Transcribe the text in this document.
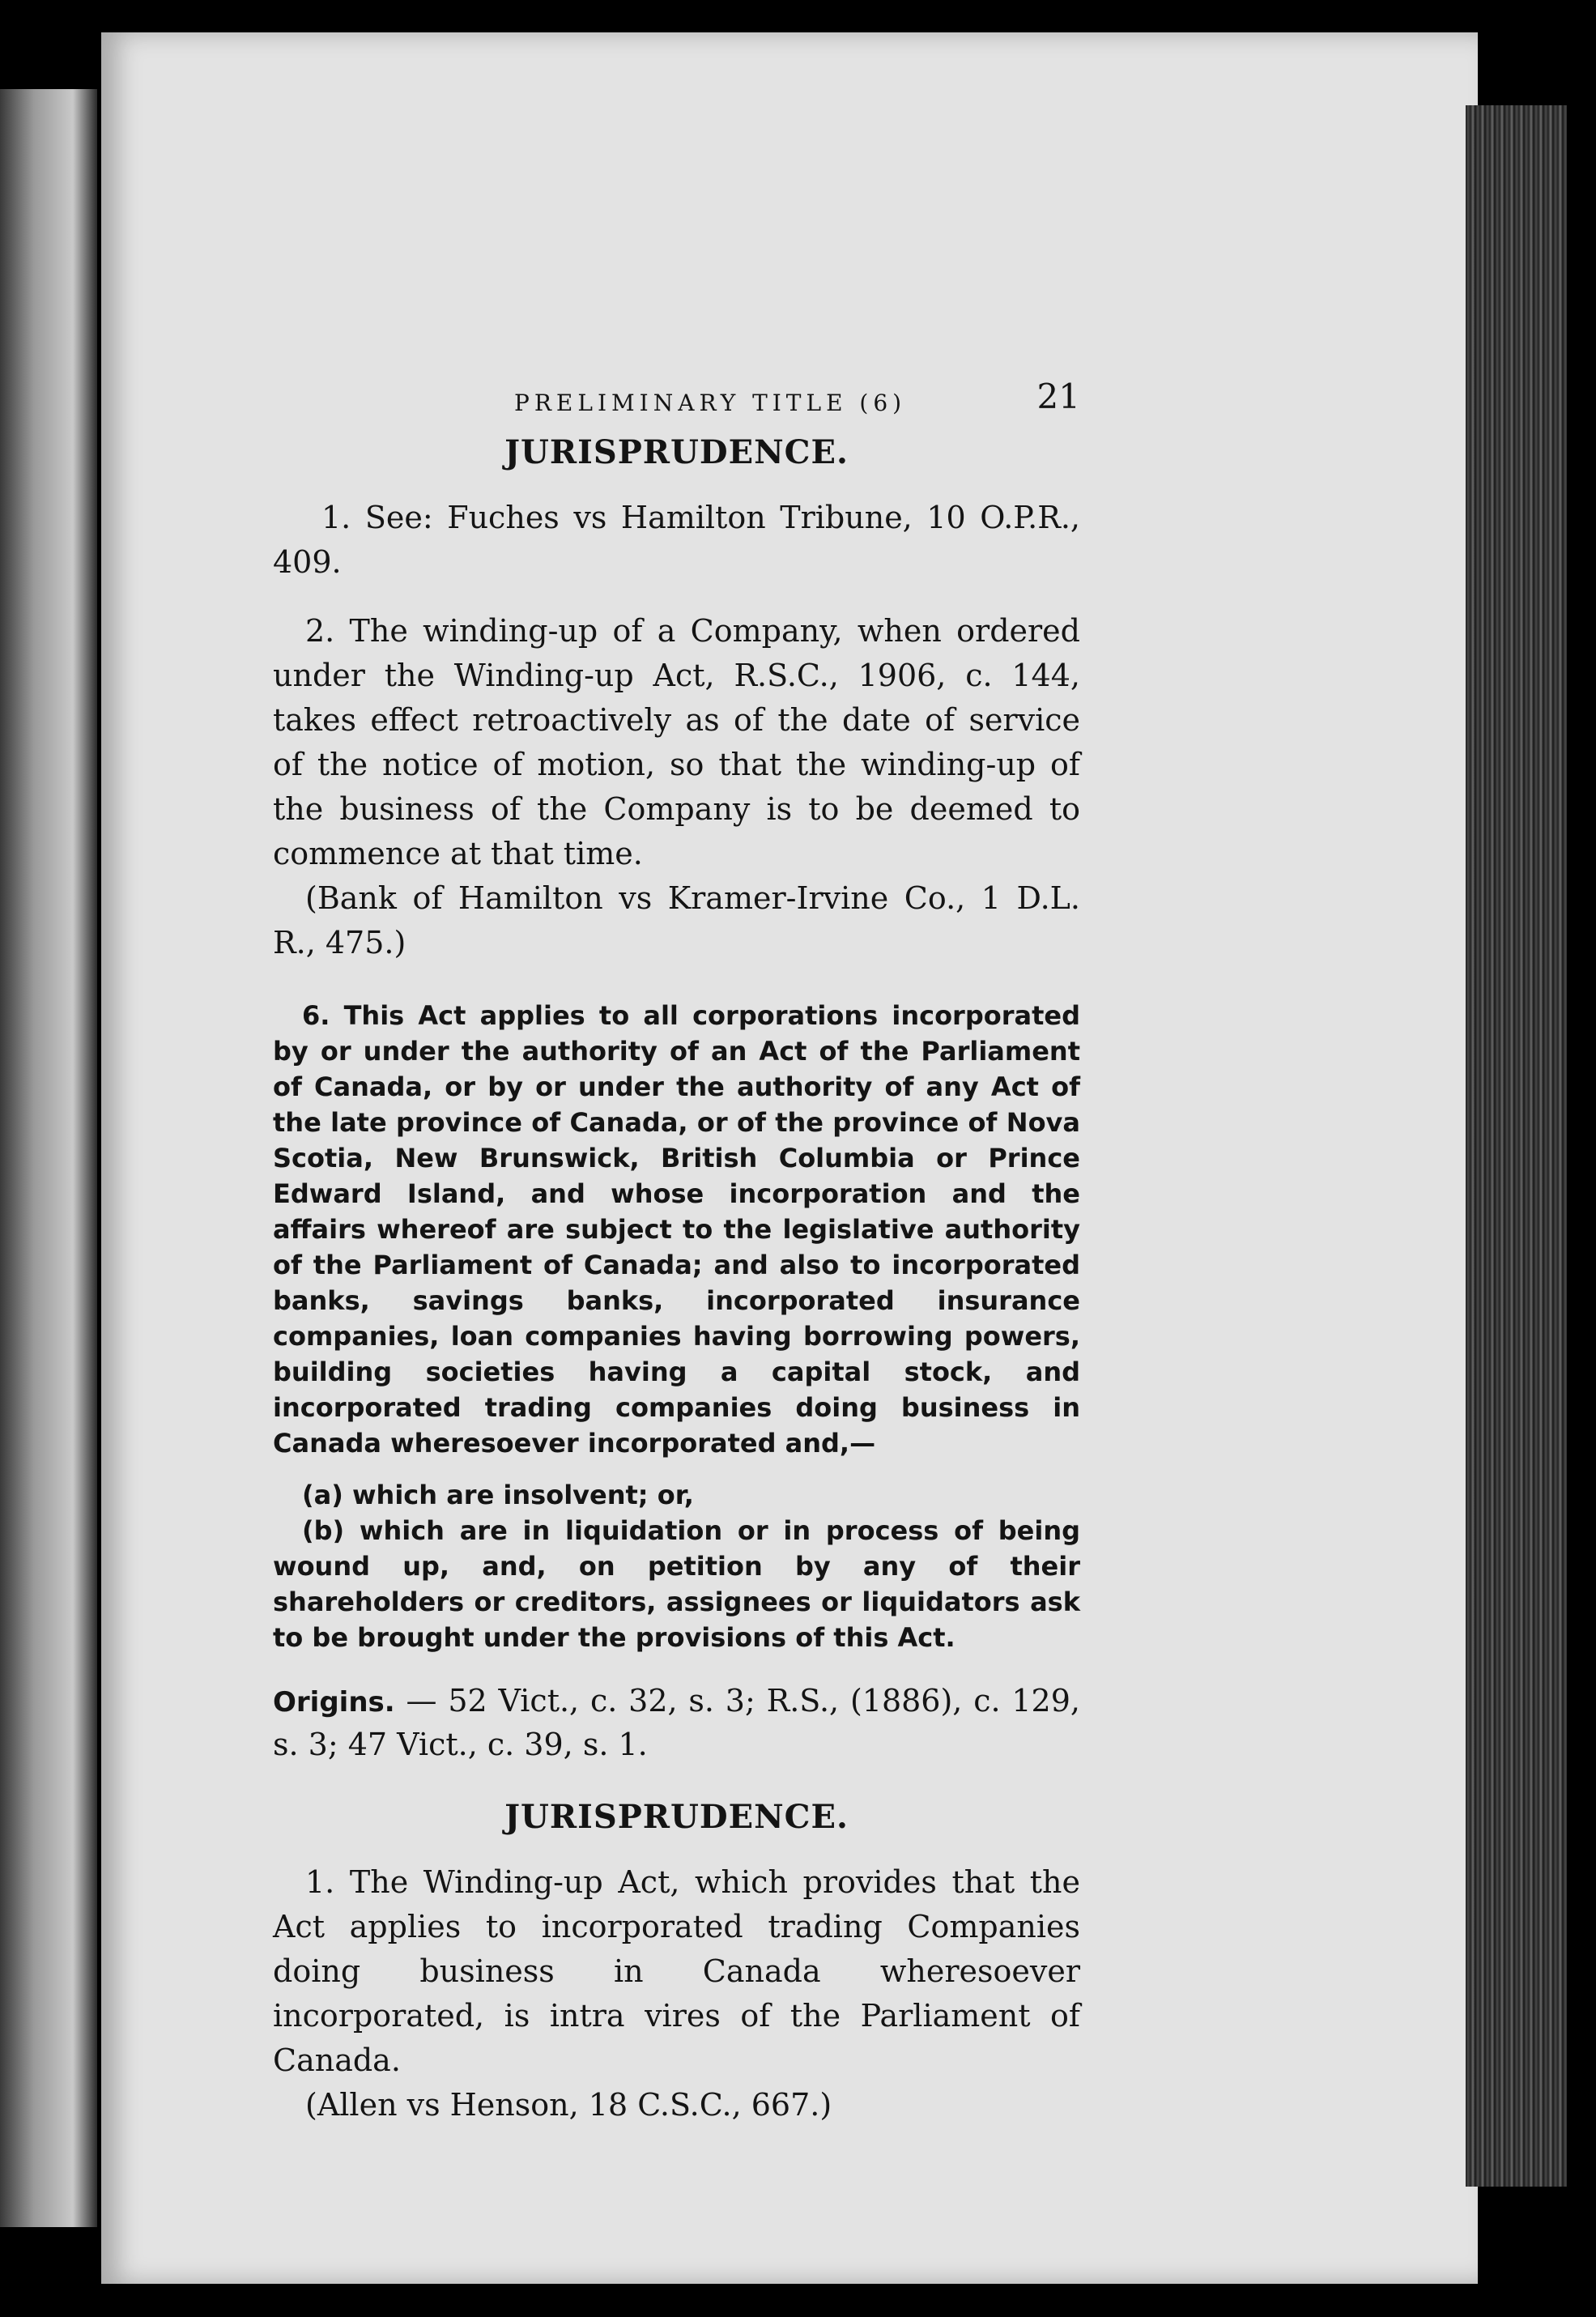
PRELIMINARY TITLE (6)	21
JURISPRUDENCE.

1. See: Fuches vs Hamilton Tribune, 10 O.P.R., 409.

2. The winding-up of a Company, when ordered under the Winding-up Act, R.S.C., 1906, c. 144, takes effect retroactively as of the date of service of the notice of motion, so that the winding-up of the business of the Company is to be deemed to commence at that time.

(Bank of Hamilton vs Kramer-Irvine Co., 1 D.L. R., 475.)

6. This Act applies to all corporations incorporated by or under the authority of an Act of the Parliament of Canada, or by or under the authority of any Act of the late province of Canada, or of the province of Nova Scotia, New Brunswick, British Columbia or Prince Edward Island, and whose incorporation and the affairs whereof are subject to the legislative authority of the Parliament of Canada; and also to incorporated banks, savings banks, incorporated insurance companies, loan companies having borrowing powers, building societies having a capital stock, and incorporated trading companies doing business in Canada wheresoever incorporated and,—

(a) which are insolvent; or,

(b) which are in liquidation or in process of being wound up, and, on petition by any of their shareholders or creditors, assignees or liquidators ask to be brought under the provisions of this Act.

Origins. — 52 Vict., c. 32, s. 3; R.S., (1886), c. 129, s. 3; 47 Vict., c. 39, s. 1.

JURISPRUDENCE.

1. The Winding-up Act, which provides that the Act applies to incorporated trading Companies doing business in Canada wheresoever incorporated, is intra vires of the Parliament of Canada.

(Allen vs Henson, 18 C.S.C., 667.)
